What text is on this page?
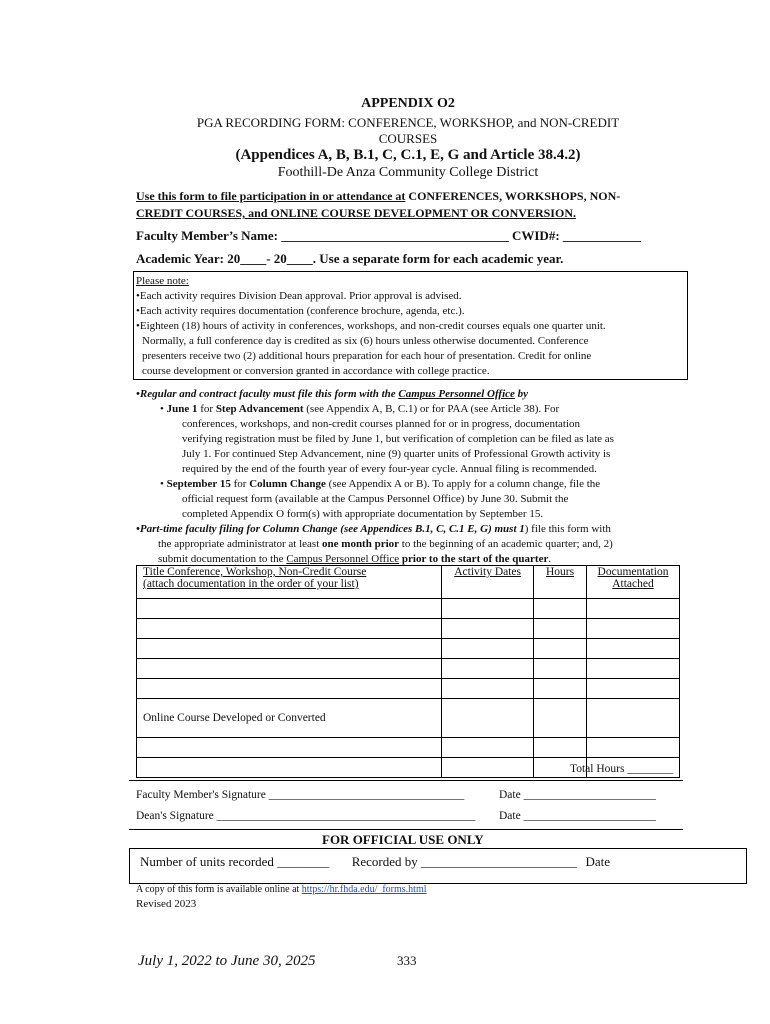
APPENDIX O2
PGA RECORDING FORM: CONFERENCE, WORKSHOP, and NON-CREDIT
COURSES
(Appendices A, B, B.1, C, C.1, E, G and Article 38.4.2)
Foothill-De Anza Community College District
Use this form to file participation in or attendance at CONFERENCES, WORKSHOPS, NON-
CREDIT COURSES, and ONLINE COURSE DEVELOPMENT OR CONVERSION.
Faculty Member’s Name: ___________________________________ CWID#: ____________
Academic Year: 20____- 20____. Use a separate form for each academic year.
Please note:
•Each activity requires Division Dean approval. Prior approval is advised.
•Each activity requires documentation (conference brochure, agenda, etc.).
•Eighteen (18) hours of activity in conferences, workshops, and non-credit courses equals one quarter unit.
Normally, a full conference day is credited as six (6) hours unless otherwise documented. Conference
presenters receive two (2) additional hours preparation for each hour of presentation. Credit for online
course development or conversion granted in accordance with college practice.
•Regular and contract faculty must file this form with the Campus Personnel Office by
• June 1 for Step Advancement (see Appendix A, B, C.1) or for PAA (see Article 38). For
conferences, workshops, and non-credit courses planned for or in progress, documentation
verifying registration must be filed by June 1, but verification of completion can be filed as late as
July 1. For continued Step Advancement, nine (9) quarter units of Professional Growth activity is
required by the end of the fourth year of every four-year cycle. Annual filing is recommended.
• September 15 for Column Change (see Appendix A or B). To apply for a column change, file the
official request form (available at the Campus Personnel Office) by June 30. Submit the
completed Appendix O form(s) with appropriate documentation by September 15.
•Part-time faculty filing for Column Change (see Appendices B.1, C, C.1 E, G) must 1) file this form with
the appropriate administrator at least one month prior to the beginning of an academic quarter; and, 2)
submit documentation to the Campus Personnel Office prior to the start of the quarter.
Title Conference, Workshop, Non-Credit Course
(attach documentation in the order of your list)	Activity Dates	Hours	Documentation
Attached

Online Course Developed or Converted			

Total Hours ________
Faculty Member's Signature __________________________________	Date _______________________
Dean's Signature _____________________________________________ Date _______________________
FOR OFFICIAL USE ONLY
Number of units recorded ________ Recorded by ________________________ Date
A copy of this form is available online at https://hr.fhda.edu/_forms.html
Revised 2023
July 1, 2022 to June 30, 2025	333
